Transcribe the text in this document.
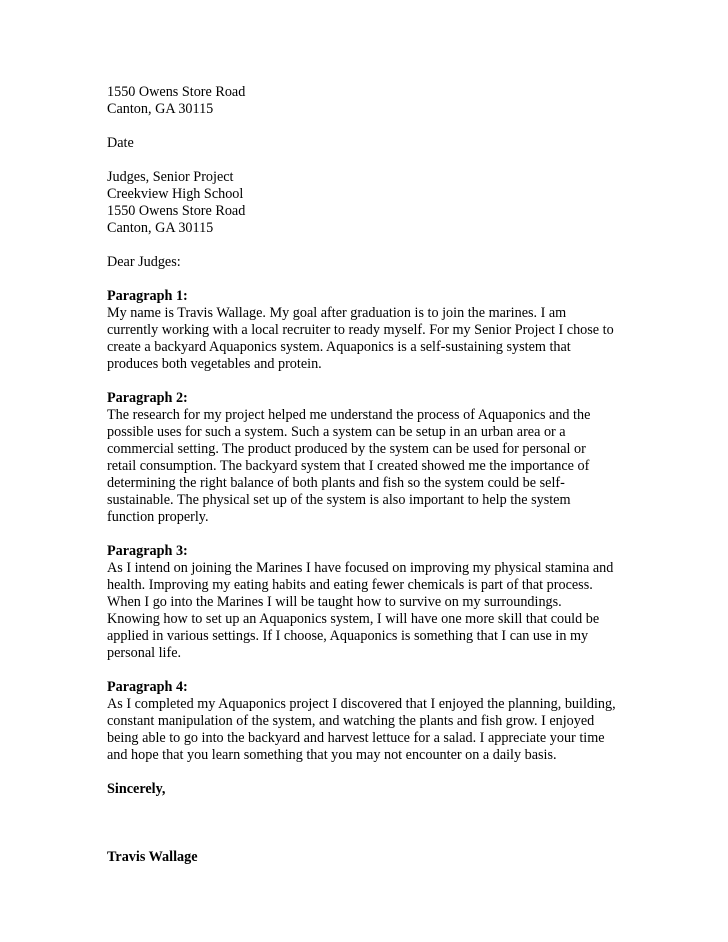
1550 Owens Store Road
Canton, GA 30115
Date
Judges, Senior Project
Creekview High School
1550 Owens Store Road
Canton, GA 30115
Dear Judges:
Paragraph 1:
My name is Travis Wallage. My goal after graduation is to join the marines. I am
currently working with a local recruiter to ready myself. For my Senior Project I chose to
create a backyard Aquaponics system. Aquaponics is a self-sustaining system that
produces both vegetables and protein.
Paragraph 2:
The research for my project helped me understand the process of Aquaponics and the
possible uses for such a system. Such a system can be setup in an urban area or a
commercial setting. The product produced by the system can be used for personal or
retail consumption. The backyard system that I created showed me the importance of
determining the right balance of both plants and fish so the system could be self-
sustainable. The physical set up of the system is also important to help the system
function properly.
Paragraph 3:
As I intend on joining the Marines I have focused on improving my physical stamina and
health. Improving my eating habits and eating fewer chemicals is part of that process.
When I go into the Marines I will be taught how to survive on my surroundings.
Knowing how to set up an Aquaponics system, I will have one more skill that could be
applied in various settings. If I choose, Aquaponics is something that I can use in my
personal life.
Paragraph 4:
As I completed my Aquaponics project I discovered that I enjoyed the planning, building,
constant manipulation of the system, and watching the plants and fish grow. I enjoyed
being able to go into the backyard and harvest lettuce for a salad. I appreciate your time
and hope that you learn something that you may not encounter on a daily basis.
Sincerely,
Travis Wallage
